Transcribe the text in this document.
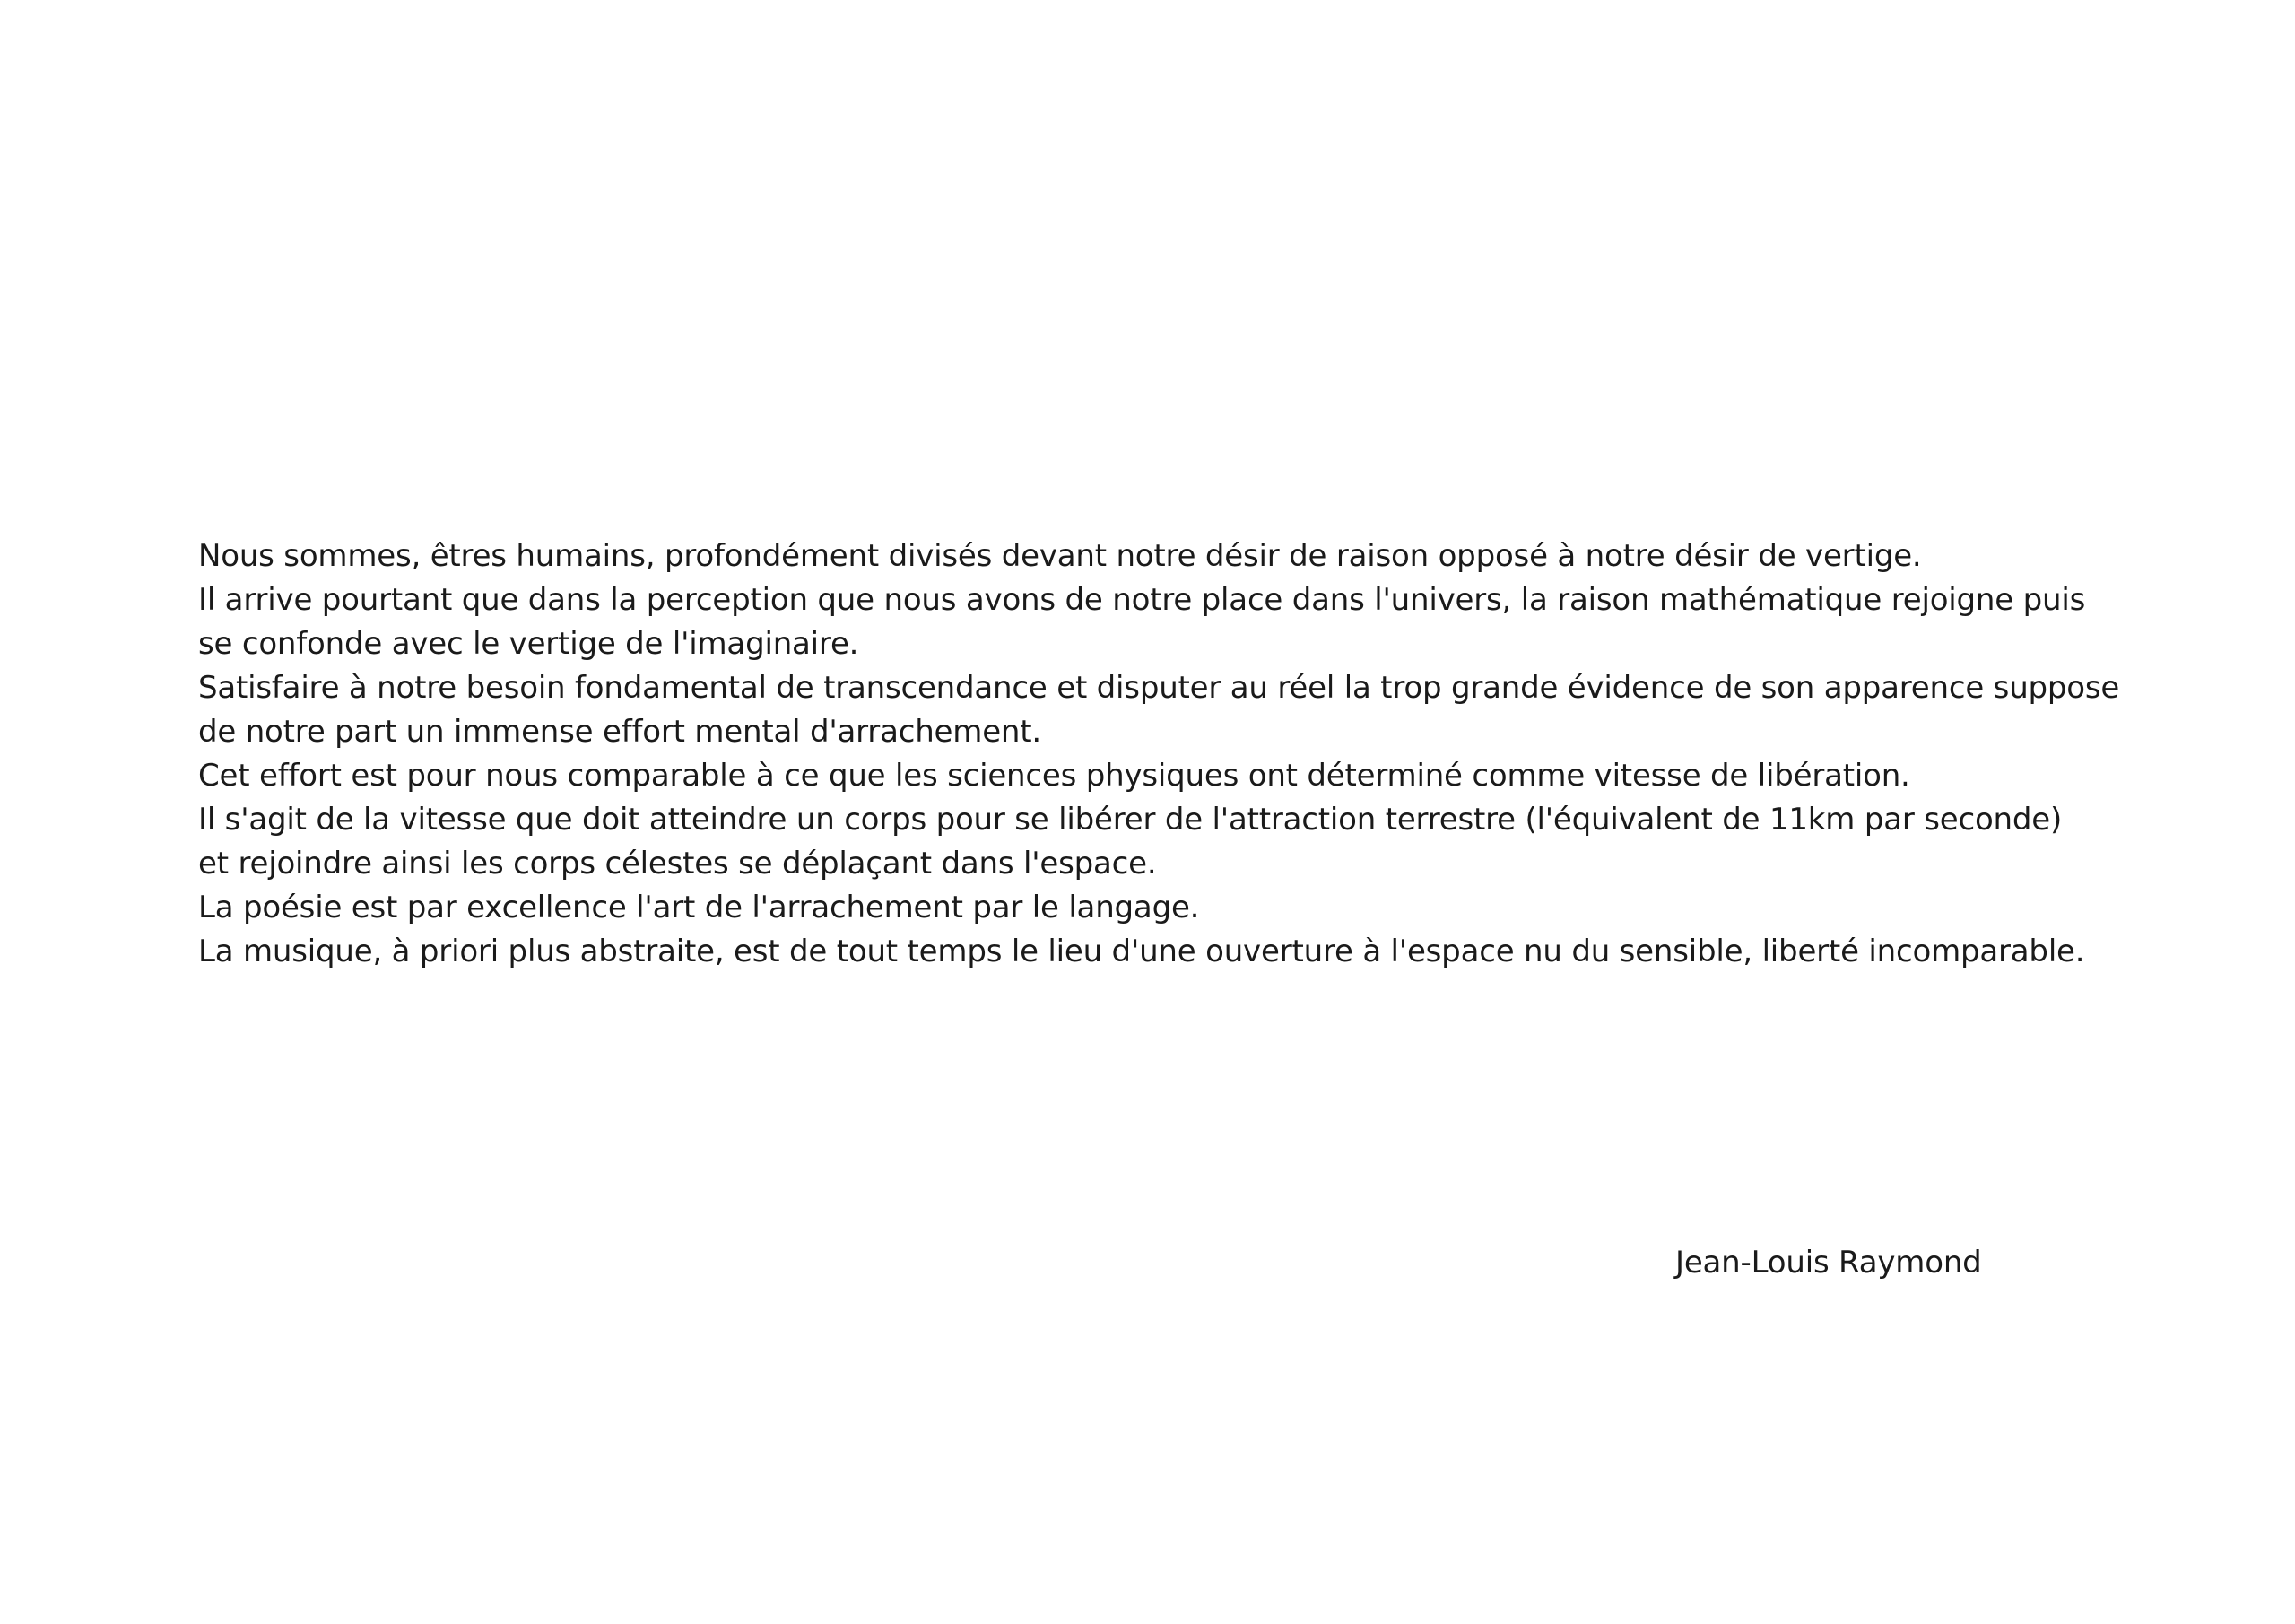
Nous sommes, êtres humains, profondément divisés devant notre désir de raison opposé à notre désir de vertige.
Il arrive pourtant que dans la perception que nous avons de notre place dans l'univers, la raison mathématique rejoigne puis
se confonde avec le vertige de l'imaginaire.
Satisfaire à notre besoin fondamental de transcendance et disputer au réel la trop grande évidence de son apparence suppose
de notre part un immense effort mental d'arrachement.
Cet effort est pour nous comparable à ce que les sciences physiques ont déterminé comme vitesse de libération.
Il s'agit de la vitesse que doit atteindre un corps pour se libérer de l'attraction terrestre (l'équivalent de 11km par seconde)
et rejoindre ainsi les corps célestes se déplaçant dans l'espace.
La poésie est par excellence l'art de l'arrachement par le langage.
La musique, à priori plus abstraite, est de tout temps le lieu d'une ouverture à l'espace nu du sensible, liberté incomparable.
Jean-Louis Raymond
